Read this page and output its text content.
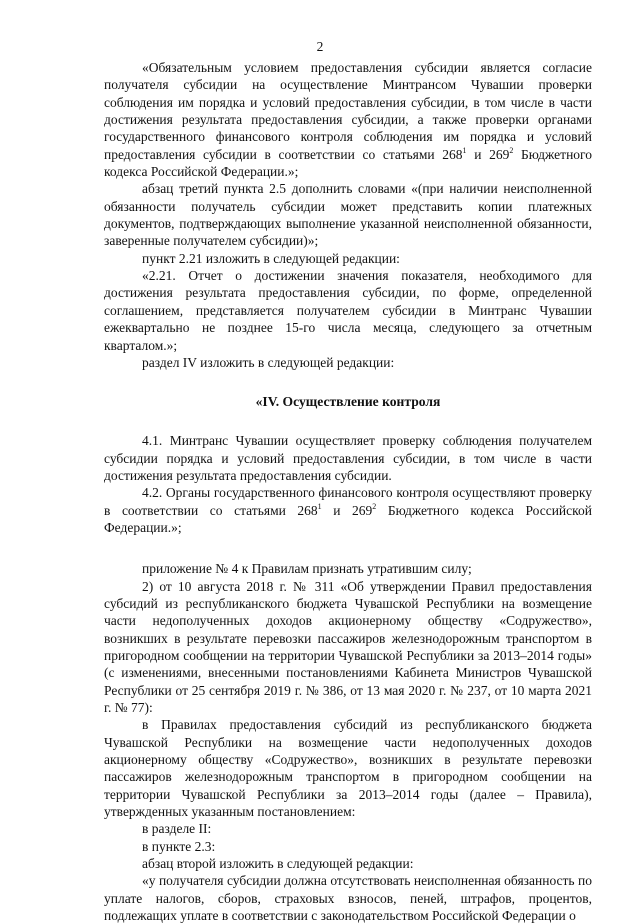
2

«Обязательным условием предоставления субсидии является согласие получателя субсидии на осуществление Минтрансом Чувашии проверки соблюдения им порядка и условий предоставления субсидии, в том числе в части достижения результата предоставления субсидии, а также проверки органами государственного финансового контроля соблюдения им порядка и условий предоставления субсидии в соответствии со статьями $268^1$ и $269^2$ Бюджетного кодекса Российской Федерации.»;

абзац третий пункта 2.5 дополнить словами «(при наличии неисполненной обязанности получатель субсидии может представить копии платежных документов, подтверждающих выполнение указанной неисполненной обязанности, заверенные получателем субсидии)»;

пункт 2.21 изложить в следующей редакции:

«2.21. Отчет о достижении значения показателя, необходимого для достижения результата предоставления субсидии, по форме, определенной соглашением, представляется получателем субсидии в Минтранс Чувашии ежеквартально не позднее 15-го числа месяца, следующего за отчетным кварталом.»;

раздел IV изложить в следующей редакции:

«IV. Осуществление контроля

4.1. Минтранс Чувашии осуществляет проверку соблюдения получателем субсидии порядка и условий предоставления субсидии, в том числе в части достижения результата предоставления субсидии.

4.2. Органы государственного финансового контроля осуществляют проверку в соответствии со статьями $268^1$ и $269^2$ Бюджетного кодекса Российской Федерации.»;

приложение № 4 к Правилам признать утратившим силу;

2) от 10 августа 2018 г. № 311 «Об утверждении Правил предоставления субсидий из республиканского бюджета Чувашской Республики на возмещение части недополученных доходов акционерному обществу «Содружество», возникших в результате перевозки пассажиров железнодорожным транспортом в пригородном сообщении на территории Чувашской Республики за 2013–2014 годы» (с изменениями, внесенными постановлениями Кабинета Министров Чувашской Республики от 25 сентября 2019 г. № 386, от 13 мая 2020 г. № 237, от 10 марта 2021 г. № 77):

в Правилах предоставления субсидий из республиканского бюджета Чувашской Республики на возмещение части недополученных доходов акционерному обществу «Содружество», возникших в результате перевозки пассажиров железнодорожным транспортом в пригородном сообщении на территории Чувашской Республики за 2013–2014 годы (далее – Правила), утвержденных указанным постановлением:

в разделе II:

в пункте 2.3:

абзац второй изложить в следующей редакции:

«у получателя субсидии должна отсутствовать неисполненная обязанность по уплате налогов, сборов, страховых взносов, пеней, штрафов, процентов, подлежащих уплате в соответствии с законодательством Российской Федерации о
